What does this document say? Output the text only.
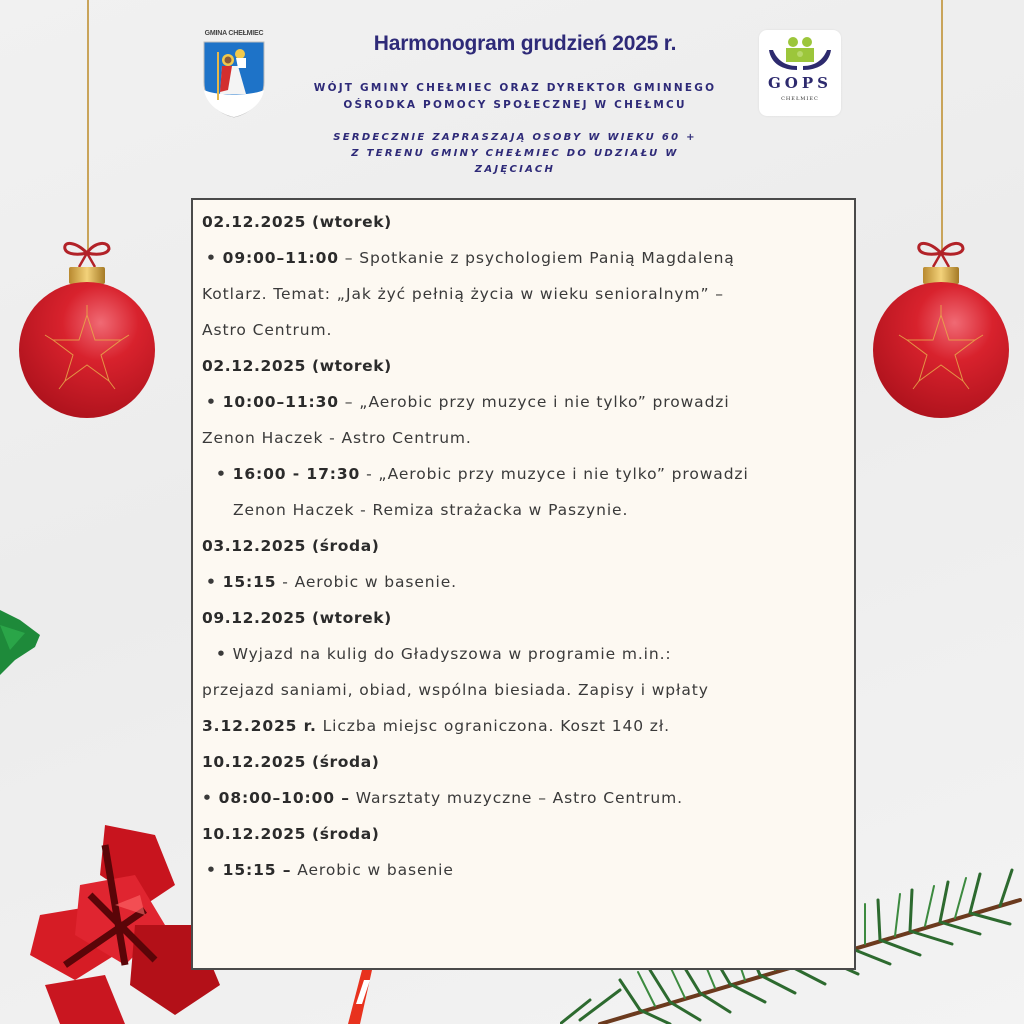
GMINA CHEŁMIEC
GOPS
CHEŁMIEC
Harmonogram grudzień 2025 r.
WÓJT GMINY CHEŁMIEC ORAZ DYREKTOR GMINNEGO
OŚRODKA POMOCY SPOŁECZNEJ W CHEŁMCU
SERDECZNIE ZAPRASZAJĄ OSOBY W WIEKU 60 +
Z TERENU GMINY CHEŁMIEC DO UDZIAŁU W
ZAJĘCIACH
02.12.2025 (wtorek)
• 09:00–11:00 – Spotkanie z psychologiem Panią Magdaleną
Kotlarz. Temat: „Jak żyć pełnią życia w wieku senioralnym” –
Astro Centrum.
02.12.2025 (wtorek)
• 10:00–11:30 – „Aerobic przy muzyce i nie tylko” prowadzi
Zenon Haczek - Astro Centrum.
• 16:00 - 17:30 - „Aerobic przy muzyce i nie tylko” prowadzi
Zenon Haczek - Remiza strażacka w Paszynie.
03.12.2025 (środa)
• 15:15 - Aerobic w basenie.
09.12.2025 (wtorek)
• Wyjazd na kulig do Gładyszowa w programie m.in.:
przejazd saniami, obiad, wspólna biesiada. Zapisy i wpłaty
3.12.2025 r. Liczba miejsc ograniczona. Koszt 140 zł.
10.12.2025 (środa)
• 08:00–10:00 – Warsztaty muzyczne – Astro Centrum.
10.12.2025 (środa)
• 15:15 – Aerobic w basenie
